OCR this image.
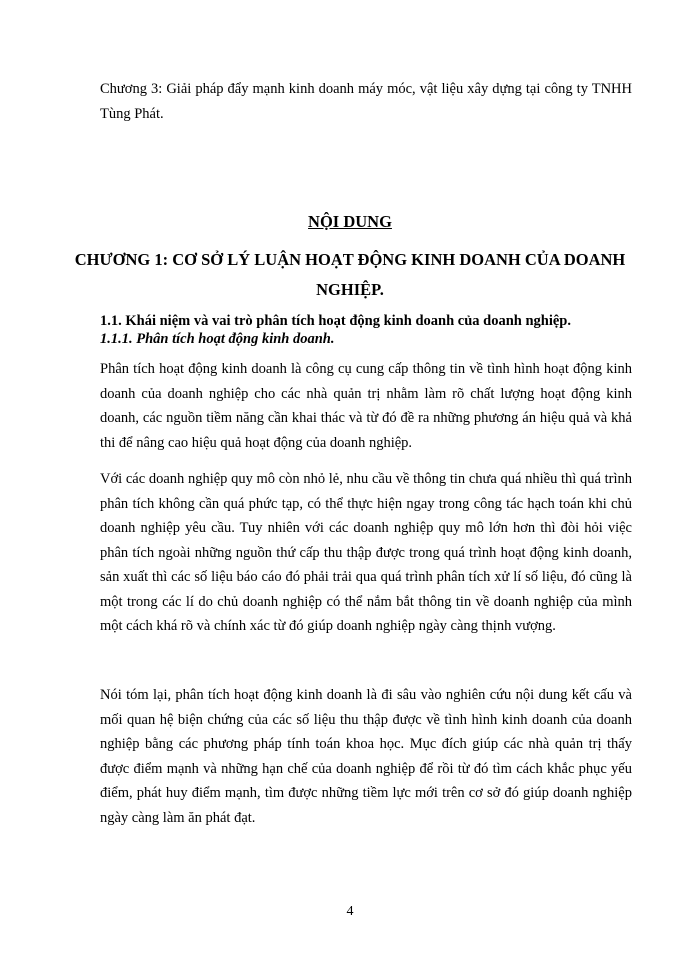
Chương 3: Giải pháp đẩy mạnh kinh doanh máy móc, vật liệu xây dựng tại công ty TNHH Tùng Phát.

NỘI DUNG
CHƯƠNG 1: CƠ SỞ LÝ LUẬN HOẠT ĐỘNG KINH DOANH CỦA DOANH NGHIỆP.
1.1. Khái niệm và vai trò phân tích hoạt động kinh doanh của doanh nghiệp.
1.1.1. Phân tích hoạt động kinh doanh.

Phân tích hoạt động kinh doanh là công cụ cung cấp thông tin về tình hình hoạt động kinh doanh của doanh nghiệp cho các nhà quản trị nhằm làm rõ chất lượng hoạt động kinh doanh, các nguồn tiềm năng cần khai thác và từ đó đề ra những phương án hiệu quả và khả thi để nâng cao hiệu quả hoạt động của doanh nghiệp.

Với các doanh nghiệp quy mô còn nhỏ lẻ, nhu cầu về thông tin chưa quá nhiều thì quá trình phân tích không cần quá phức tạp, có thể thực hiện ngay trong công tác hạch toán khi chủ doanh nghiệp yêu cầu. Tuy nhiên với các doanh nghiệp quy mô lớn hơn thì đòi hỏi việc phân tích ngoài những nguồn thứ cấp thu thập được trong quá trình hoạt động kinh doanh, sản xuất thì các số liệu báo cáo đó phải trải qua quá trình phân tích xử lí số liệu, đó cũng là một trong các lí do chủ doanh nghiệp có thể nắm bắt thông tin về doanh nghiệp của mình một cách khá rõ và chính xác từ đó giúp doanh nghiệp ngày càng thịnh vượng.

Nói tóm lại, phân tích hoạt động kinh doanh là đi sâu vào nghiên cứu nội dung kết cấu và mối quan hệ biện chứng của các số liệu thu thập được về tình hình kinh doanh của doanh nghiệp bằng các phương pháp tính toán khoa học. Mục đích giúp các nhà quản trị thấy được điểm mạnh và những hạn chế của doanh nghiệp để rồi từ đó tìm cách khắc phục yếu điểm, phát huy điểm mạnh, tìm được những tiềm lực mới trên cơ sở đó giúp doanh nghiệp ngày càng làm ăn phát đạt.

4
